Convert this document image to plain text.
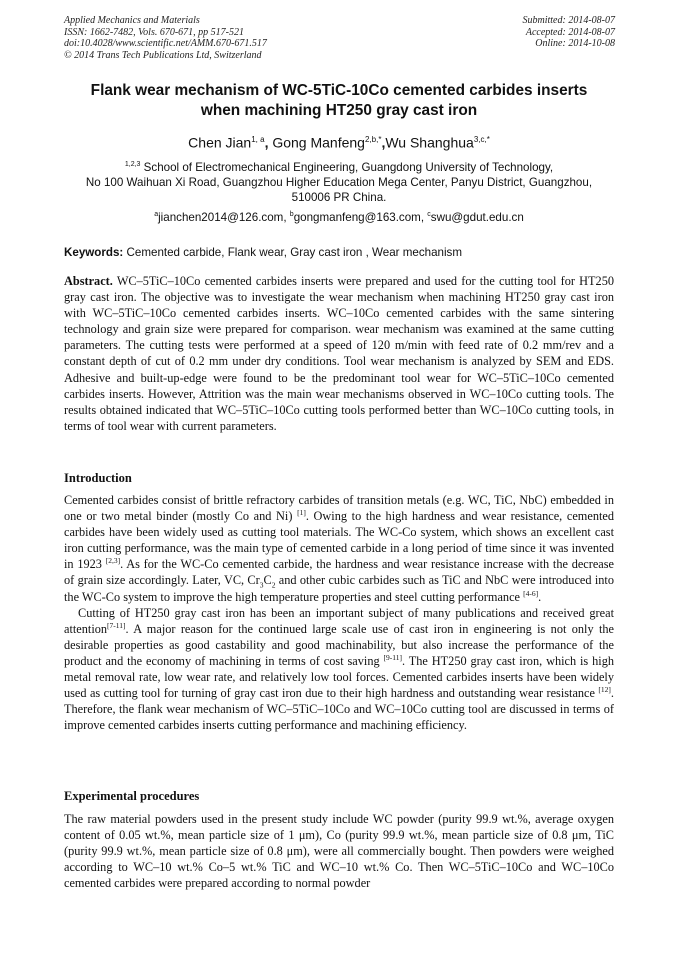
Applied Mechanics and Materials
ISSN: 1662-7482, Vols. 670-671, pp 517-521
doi:10.4028/www.scientific.net/AMM.670-671.517
© 2014 Trans Tech Publications Ltd, Switzerland
Submitted: 2014-08-07
Accepted: 2014-08-07
Online: 2014-10-08
Flank wear mechanism of WC-5TiC-10Co cemented carbides inserts
when machining HT250 gray cast iron
Chen Jian$^{1, a}$, Gong Manfeng$^{2,b,*}$,Wu Shanghua$^{3,c,*}$
$^{1,2,3}$ School of Electromechanical Engineering, Guangdong University of Technology,
No 100 Waihuan Xi Road, Guangzhou Higher Education Mega Center, Panyu District, Guangzhou,
510006 PR China.
$^a$jianchen2014@126.com, $^b$gongmanfeng@163.com, $^c$swu@gdut.edu.cn
Keywords: Cemented carbide, Flank wear, Gray cast iron , Wear mechanism
Abstract. WC–5TiC–10Co cemented carbides inserts were prepared and used for the cutting tool for HT250 gray cast iron. The objective was to investigate the wear mechanism when machining HT250 gray cast iron with WC–5TiC–10Co cemented carbides inserts. WC–10Co cemented carbides with the same sintering technology and grain size were prepared for comparison. wear mechanism was examined at the same cutting parameters. The cutting tests were performed at a speed of 120 m/min with feed rate of 0.2 mm/rev and a constant depth of cut of 0.2 mm under dry conditions. Tool wear mechanism is analyzed by SEM and EDS. Adhesive and built-up-edge were found to be the predominant tool wear for WC–5TiC–10Co cemented carbides inserts. However, Attrition was the main wear mechanisms observed in WC–10Co cutting tools. The results obtained indicated that WC–5TiC–10Co cutting tools performed better than WC–10Co cutting tools, in terms of tool wear with current parameters.
Introduction

Cemented carbides consist of brittle refractory carbides of transition metals (e.g. WC, TiC, NbC) embedded in one or two metal binder (mostly Co and Ni) [1]. Owing to the high hardness and wear resistance, cemented carbides have been widely used as cutting tool materials. The WC-Co system, which shows an excellent cast iron cutting performance, was the main type of cemented carbide in a long period of time since it was invented in 1923 [2,3]. As for the WC-Co cemented carbide, the hardness and wear resistance increase with the decrease of grain size accordingly. Later, VC, $Cr_3C_2$ and other cubic carbides such as TiC and NbC were introduced into the WC-Co system to improve the high temperature properties and steel cutting performance [4-6].

Cutting of HT250 gray cast iron has been an important subject of many publications and received great attention[7-11]. A major reason for the continued large scale use of cast iron in engineering is not only the desirable properties as good castability and good machinability, but also increase the performance of the product and the economy of machining in terms of cost saving [9-11]. The HT250 gray cast iron, which is high metal removal rate, low wear rate, and relatively low tool forces. Cemented carbides inserts have been widely used as cutting tool for turning of gray cast iron due to their high hardness and outstanding wear resistance [12]. Therefore, the flank wear mechanism of WC–5TiC–10Co and WC–10Co cutting tool are discussed in terms of improve cemented carbides inserts cutting performance and machining efficiency.

Experimental procedures

The raw material powders used in the present study include WC powder (purity 99.9 wt.%, average oxygen content of 0.05 wt.%, mean particle size of 1 μm), Co (purity 99.9 wt.%, mean particle size of 0.8 μm, TiC (purity 99.9 wt.%, mean particle size of 0.8 μm), were all commercially bought. Then powders were weighed according to WC–10 wt.% Co–5 wt.% TiC and WC–10 wt.% Co. Then WC–5TiC–10Co and WC–10Co cemented carbides were prepared according to normal powder
